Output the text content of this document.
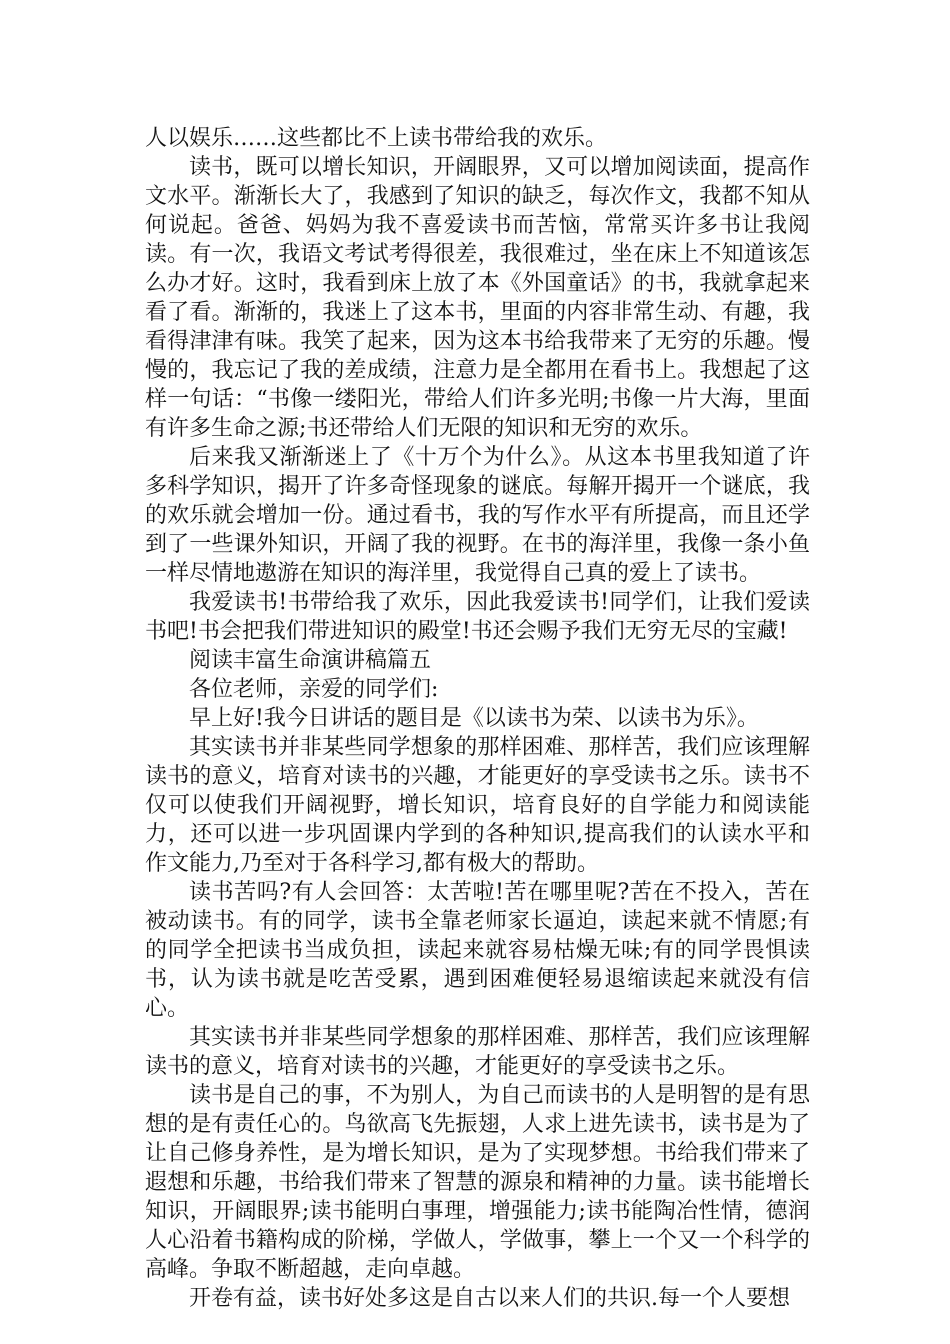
人以娱乐……这些都比不上读书带给我的欢乐。

读书，既可以增长知识，开阔眼界，又可以增加阅读面，提高作文水平。渐渐长大了，我感到了知识的缺乏，每次作文，我都不知从何说起。爸爸、妈妈为我不喜爱读书而苦恼，常常买许多书让我阅读。有一次，我语文考试考得很差，我很难过，坐在床上不知道该怎么办才好。这时，我看到床上放了本《外国童话》的书，我就拿起来看了看。渐渐的，我迷上了这本书，里面的内容非常生动、有趣，我看得津津有味。我笑了起来，因为这本书给我带来了无穷的乐趣。慢慢的，我忘记了我的差成绩，注意力是全都用在看书上。我想起了这样一句话：“书像一缕阳光，带给人们许多光明;书像一片大海，里面有许多生命之源;书还带给人们无限的知识和无穷的欢乐。

后来我又渐渐迷上了《十万个为什么》。从这本书里我知道了许多科学知识，揭开了许多奇怪现象的谜底。每解开揭开一个谜底，我的欢乐就会增加一份。通过看书，我的写作水平有所提高，而且还学到了一些课外知识，开阔了我的视野。在书的海洋里，我像一条小鱼一样尽情地遨游在知识的海洋里，我觉得自己真的爱上了读书。

我爱读书!书带给我了欢乐，因此我爱读书!同学们，让我们爱读书吧!书会把我们带进知识的殿堂!书还会赐予我们无穷无尽的宝藏!

阅读丰富生命演讲稿篇五

各位老师，亲爱的同学们:

早上好!我今日讲话的题目是《以读书为荣、以读书为乐》。

其实读书并非某些同学想象的那样困难、那样苦，我们应该理解读书的意义，培育对读书的兴趣，才能更好的享受读书之乐。读书不仅可以使我们开阔视野，增长知识，培育良好的自学能力和阅读能力，还可以进一步巩固课内学到的各种知识,提高我们的认读水平和作文能力,乃至对于各科学习,都有极大的帮助。

读书苦吗?有人会回答：太苦啦!苦在哪里呢?苦在不投入，苦在被动读书。有的同学，读书全靠老师家长逼迫，读起来就不情愿;有的同学全把读书当成负担，读起来就容易枯燥无味;有的同学畏惧读书，认为读书就是吃苦受累，遇到困难便轻易退缩读起来就没有信心。

其实读书并非某些同学想象的那样困难、那样苦，我们应该理解读书的意义，培育对读书的兴趣，才能更好的享受读书之乐。

读书是自己的事，不为别人，为自己而读书的人是明智的是有思想的是有责任心的。鸟欲高飞先振翅，人求上进先读书，读书是为了让自己修身养性，是为增长知识，是为了实现梦想。书给我们带来了遐想和乐趣，书给我们带来了智慧的源泉和精神的力量。读书能增长知识，开阔眼界;读书能明白事理，增强能力;读书能陶冶性情，德润人心沿着书籍构成的阶梯，学做人，学做事，攀上一个又一个科学的高峰。争取不断超越，走向卓越。

开卷有益，读书好处多这是自古以来人们的共识.每一个人要想
